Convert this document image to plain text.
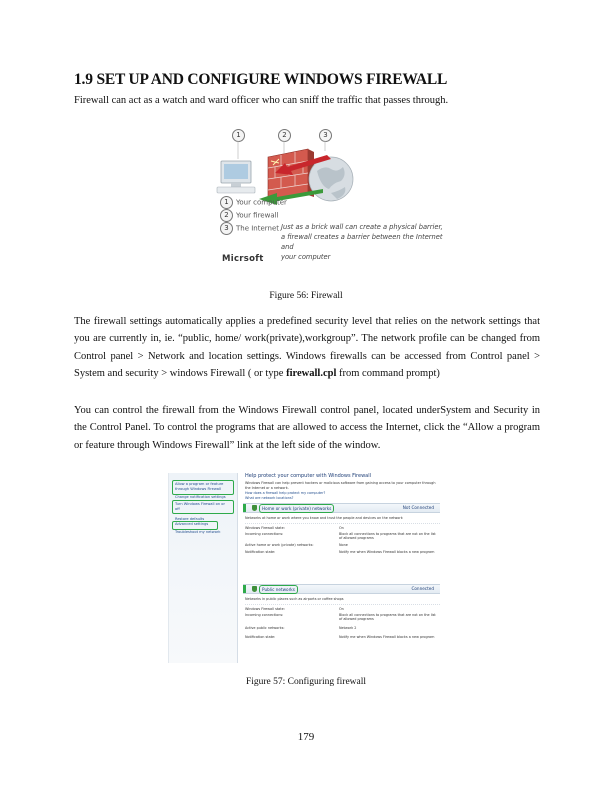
1.9 SET UP AND CONFIGURE WINDOWS FIREWALL

Firewall can act as a watch and ward officer who can sniff the traffic that passes through.

1	2	3
1 Your computer
2 Your firewall
3 The Internet Just as a brick wall can create a physical barrier,
a firewall creates a barrier between the Internet and
your computer
Micrsoft
Figure 56: Firewall

The firewall settings automatically applies a predefined security level that relies on the network settings that you are currently in, ie. “public, home/ work(private),workgroup”. The network profile can be changed from Control panel > Network and location settings. Windows firewalls can be accessed from Control panel > System and security > windows Firewall ( or type firewall.cpl from command prompt)

You can control the firewall from the Windows Firewall control panel, located underSystem and Security in the Control Panel. To control the programs that are allowed to access the Internet, click the “Allow a program or feature through Windows Firewall” link at the left side of the window.

Allow a program or feature
through Windows Firewall
Change notification settings
Turn Windows Firewall on or
off
Restore defaults
Advanced settings
Troubleshoot my network
Help protect your computer with Windows Firewall
Windows Firewall can help prevent hackers or malicious software from gaining access to your computer through the Internet or a network.
How does a firewall help protect my computer?
What are network locations?
Home or work (private) networks	Not Connected
Networks at home or work where you know and trust the people and devices on the network
Windows Firewall state:	On
Incoming connections:	Block all connections to programs that are not on the list of allowed programs
Active home or work (private) networks:	None
Notification state:	Notify me when Windows Firewall blocks a new program
Public networks	Connected
Networks in public places such as airports or coffee shops
Windows Firewall state:	On
Incoming connections:	Block all connections to programs that are not on the list of allowed programs
Active public networks:	Network 2
Notification state:	Notify me when Windows Firewall blocks a new program
Figure 57: Configuring firewall
179
